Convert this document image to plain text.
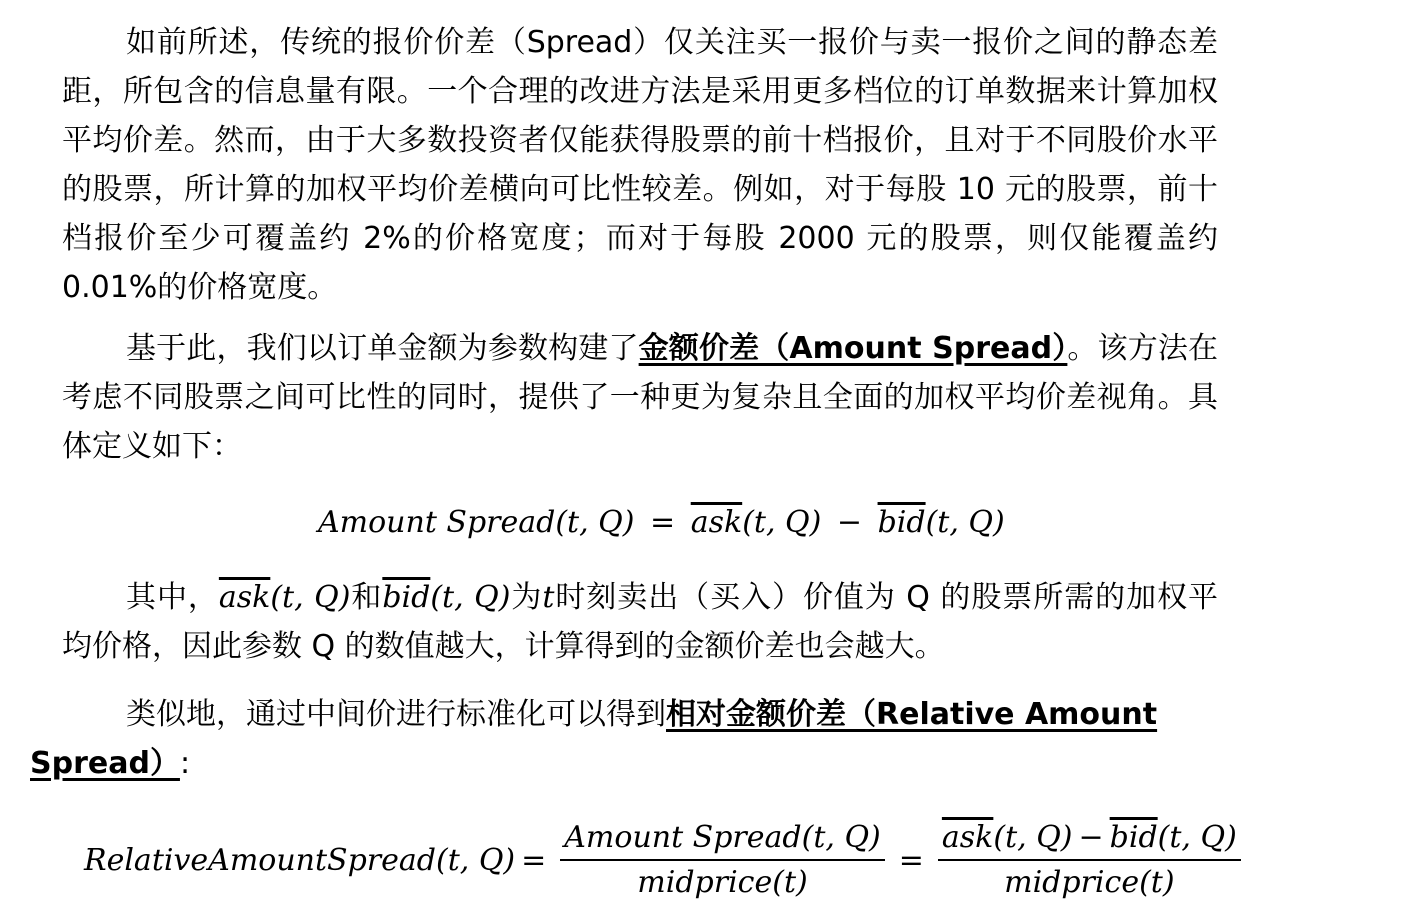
如前所述，传统的报价价差（Spread）仅关注买一报价与卖一报价之间的静态差距，所包含的信息量有限。一个合理的改进方法是采用更多档位的订单数据来计算加权平均价差。然而，由于大多数投资者仅能获得股票的前十档报价，且对于不同股价水平的股票，所计算的加权平均价差横向可比性较差。例如，对于每股 10 元的股票，前十档报价至少可覆盖约 2%的价格宽度；而对于每股 2000 元的股票，则仅能覆盖约 0.01%的价格宽度。

基于此，我们以订单金额为参数构建了金额价差（Amount Spread）。该方法在考虑不同股票之间可比性的同时，提供了一种更为复杂且全面的加权平均价差视角。具体定义如下：

Amount Spread(t, $Q) = \overline{ask}(t$, $Q) - \overline{bid}(t$, Q)

其中，$\overline{ask}(t$, Q)和$\overline{bid}(t$, Q)为t时刻卖出（买入）价值为 Q 的股票所需的加权平均价格，因此参数 Q 的数值越大，计算得到的金额价差也会越大。

类似地，通过中间价进行标准化可以得到相对金额价差（Relative Amount
Spread）:

RelativeAmountSpread(t, $Q) = \frac{\text{Amount Spread(t, Q)}}{\text{midprice(t)}} = \frac{\overline{ask}(t, Q) - \overline{bid}(t, Q)}{\text{midprice(t)}}$
